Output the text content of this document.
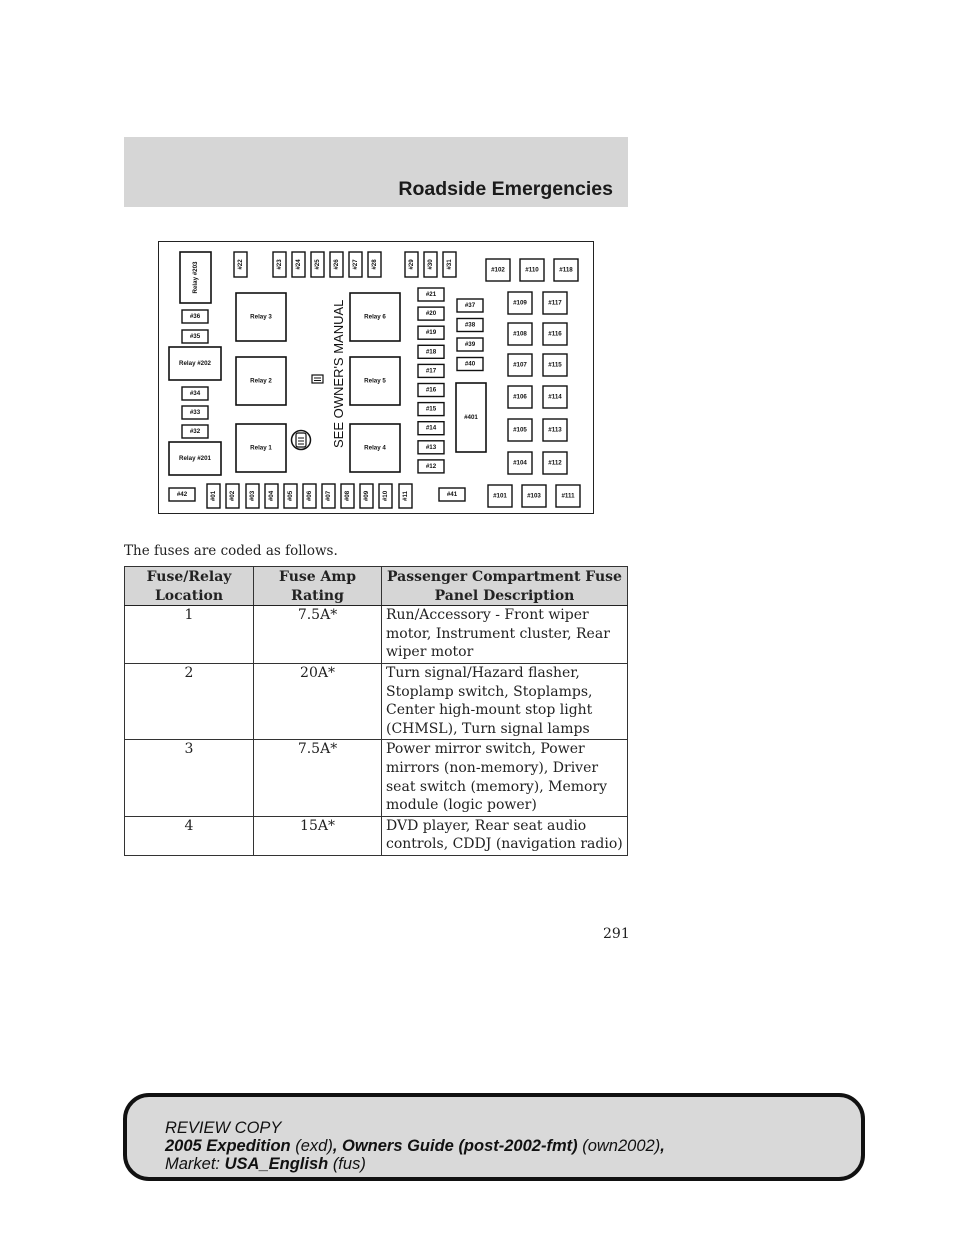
Roadside Emergencies
SEE OWNER'S MANUAL
Relay 3	Relay 6
Relay 2	Relay 5
Relay 1	Relay 4
Relay #203
Relay #202
Relay #201
#401
#22	#23 #24 #25 #26 #27 #28	#29 #30 #31
#36
#35
#34
#33
#32
#21
#20
#19
#18
#17
#16
#15
#14
#13
#12
#37
#38
#39
#40
#42	#01 #02 #03 #04 #05 #06 #07 #08 #09 #10 #11	#41
#102	#110	#118
#109	#117
#108	#116
#107	#115
#106	#114
#105	#113
#104	#112
#101	#103	#111
The fuses are coded as follows.
Fuse/Relay Location	Fuse Amp Rating	Passenger Compartment Fuse Panel Description
1	7.5A*	Run/Accessory - Front wiper motor, Instrument cluster, Rear wiper motor
2	20A*	Turn signal/Hazard flasher, Stoplamp switch, Stoplamps, Center high-mount stop light (CHMSL), Turn signal lamps
3	7.5A*	Power mirror switch, Power mirrors (non-memory), Driver seat switch (memory), Memory module (logic power)
4	15A*	DVD player, Rear seat audio controls, CDDJ (navigation radio)
291
REVIEW COPY
2005 Expedition (exd), Owners Guide (post-2002-fmt) (own2002),
Market: USA_English (fus)
